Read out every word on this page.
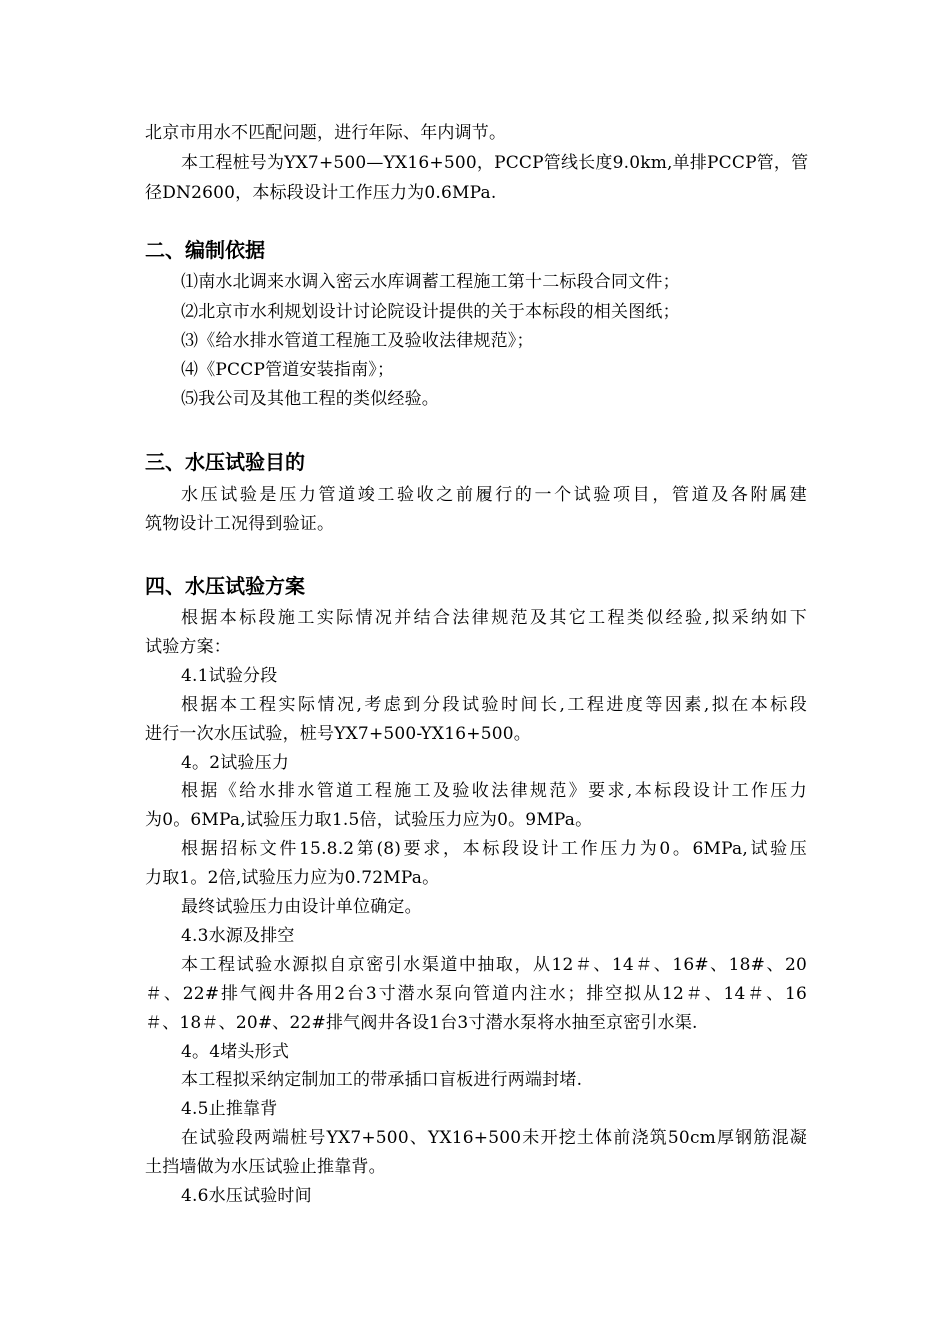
北京市用水不匹配问题，进行年际、年内调节。
本工程桩号为YX7+500—YX16+500，PCCP管线长度9.0km,单排PCCP管，管
径DN2600，本标段设计工作压力为0.6MPa.
二、编制依据
⑴南水北调来水调入密云水库调蓄工程施工第十二标段合同文件；
⑵北京市水利规划设计讨论院设计提供的关于本标段的相关图纸；
⑶《给水排水管道工程施工及验收法律规范》；
⑷《PCCP管道安装指南》；
⑸我公司及其他工程的类似经验。
三、水压试验目的
水压试验是压力管道竣工验收之前履行的一个试验项目，管道及各附属建
筑物设计工况得到验证。
四、水压试验方案
根据本标段施工实际情况并结合法律规范及其它工程类似经验,拟采纳如下
试验方案：
4.1试验分段
根据本工程实际情况,考虑到分段试验时间长,工程进度等因素,拟在本标段
进行一次水压试验，桩号YX7+500-YX16+500。
4。2试验压力
根据《给水排水管道工程施工及验收法律规范》要求,本标段设计工作压力
为0。6MPa,试验压力取1.5倍，试验压力应为0。9MPa。
根据招标文件15.8.2第(8)要求，本标段设计工作压力为0。6MPa,试验压
力取1。2倍,试验压力应为0.72MPa。
最终试验压力由设计单位确定。
4.3水源及排空
本工程试验水源拟自京密引水渠道中抽取，从12＃、14＃、16#、18#、20
＃、22#排气阀井各用2台3寸潜水泵向管道内注水；排空拟从12＃、14＃、16
＃、18＃、20#、22#排气阀井各设1台3寸潜水泵将水抽至京密引水渠.
4。4堵头形式
本工程拟采纳定制加工的带承插口盲板进行两端封堵.
4.5止推靠背
在试验段两端桩号YX7+500、YX16+500未开挖土体前浇筑50cm厚钢筋混凝
土挡墙做为水压试验止推靠背。
4.6水压试验时间
